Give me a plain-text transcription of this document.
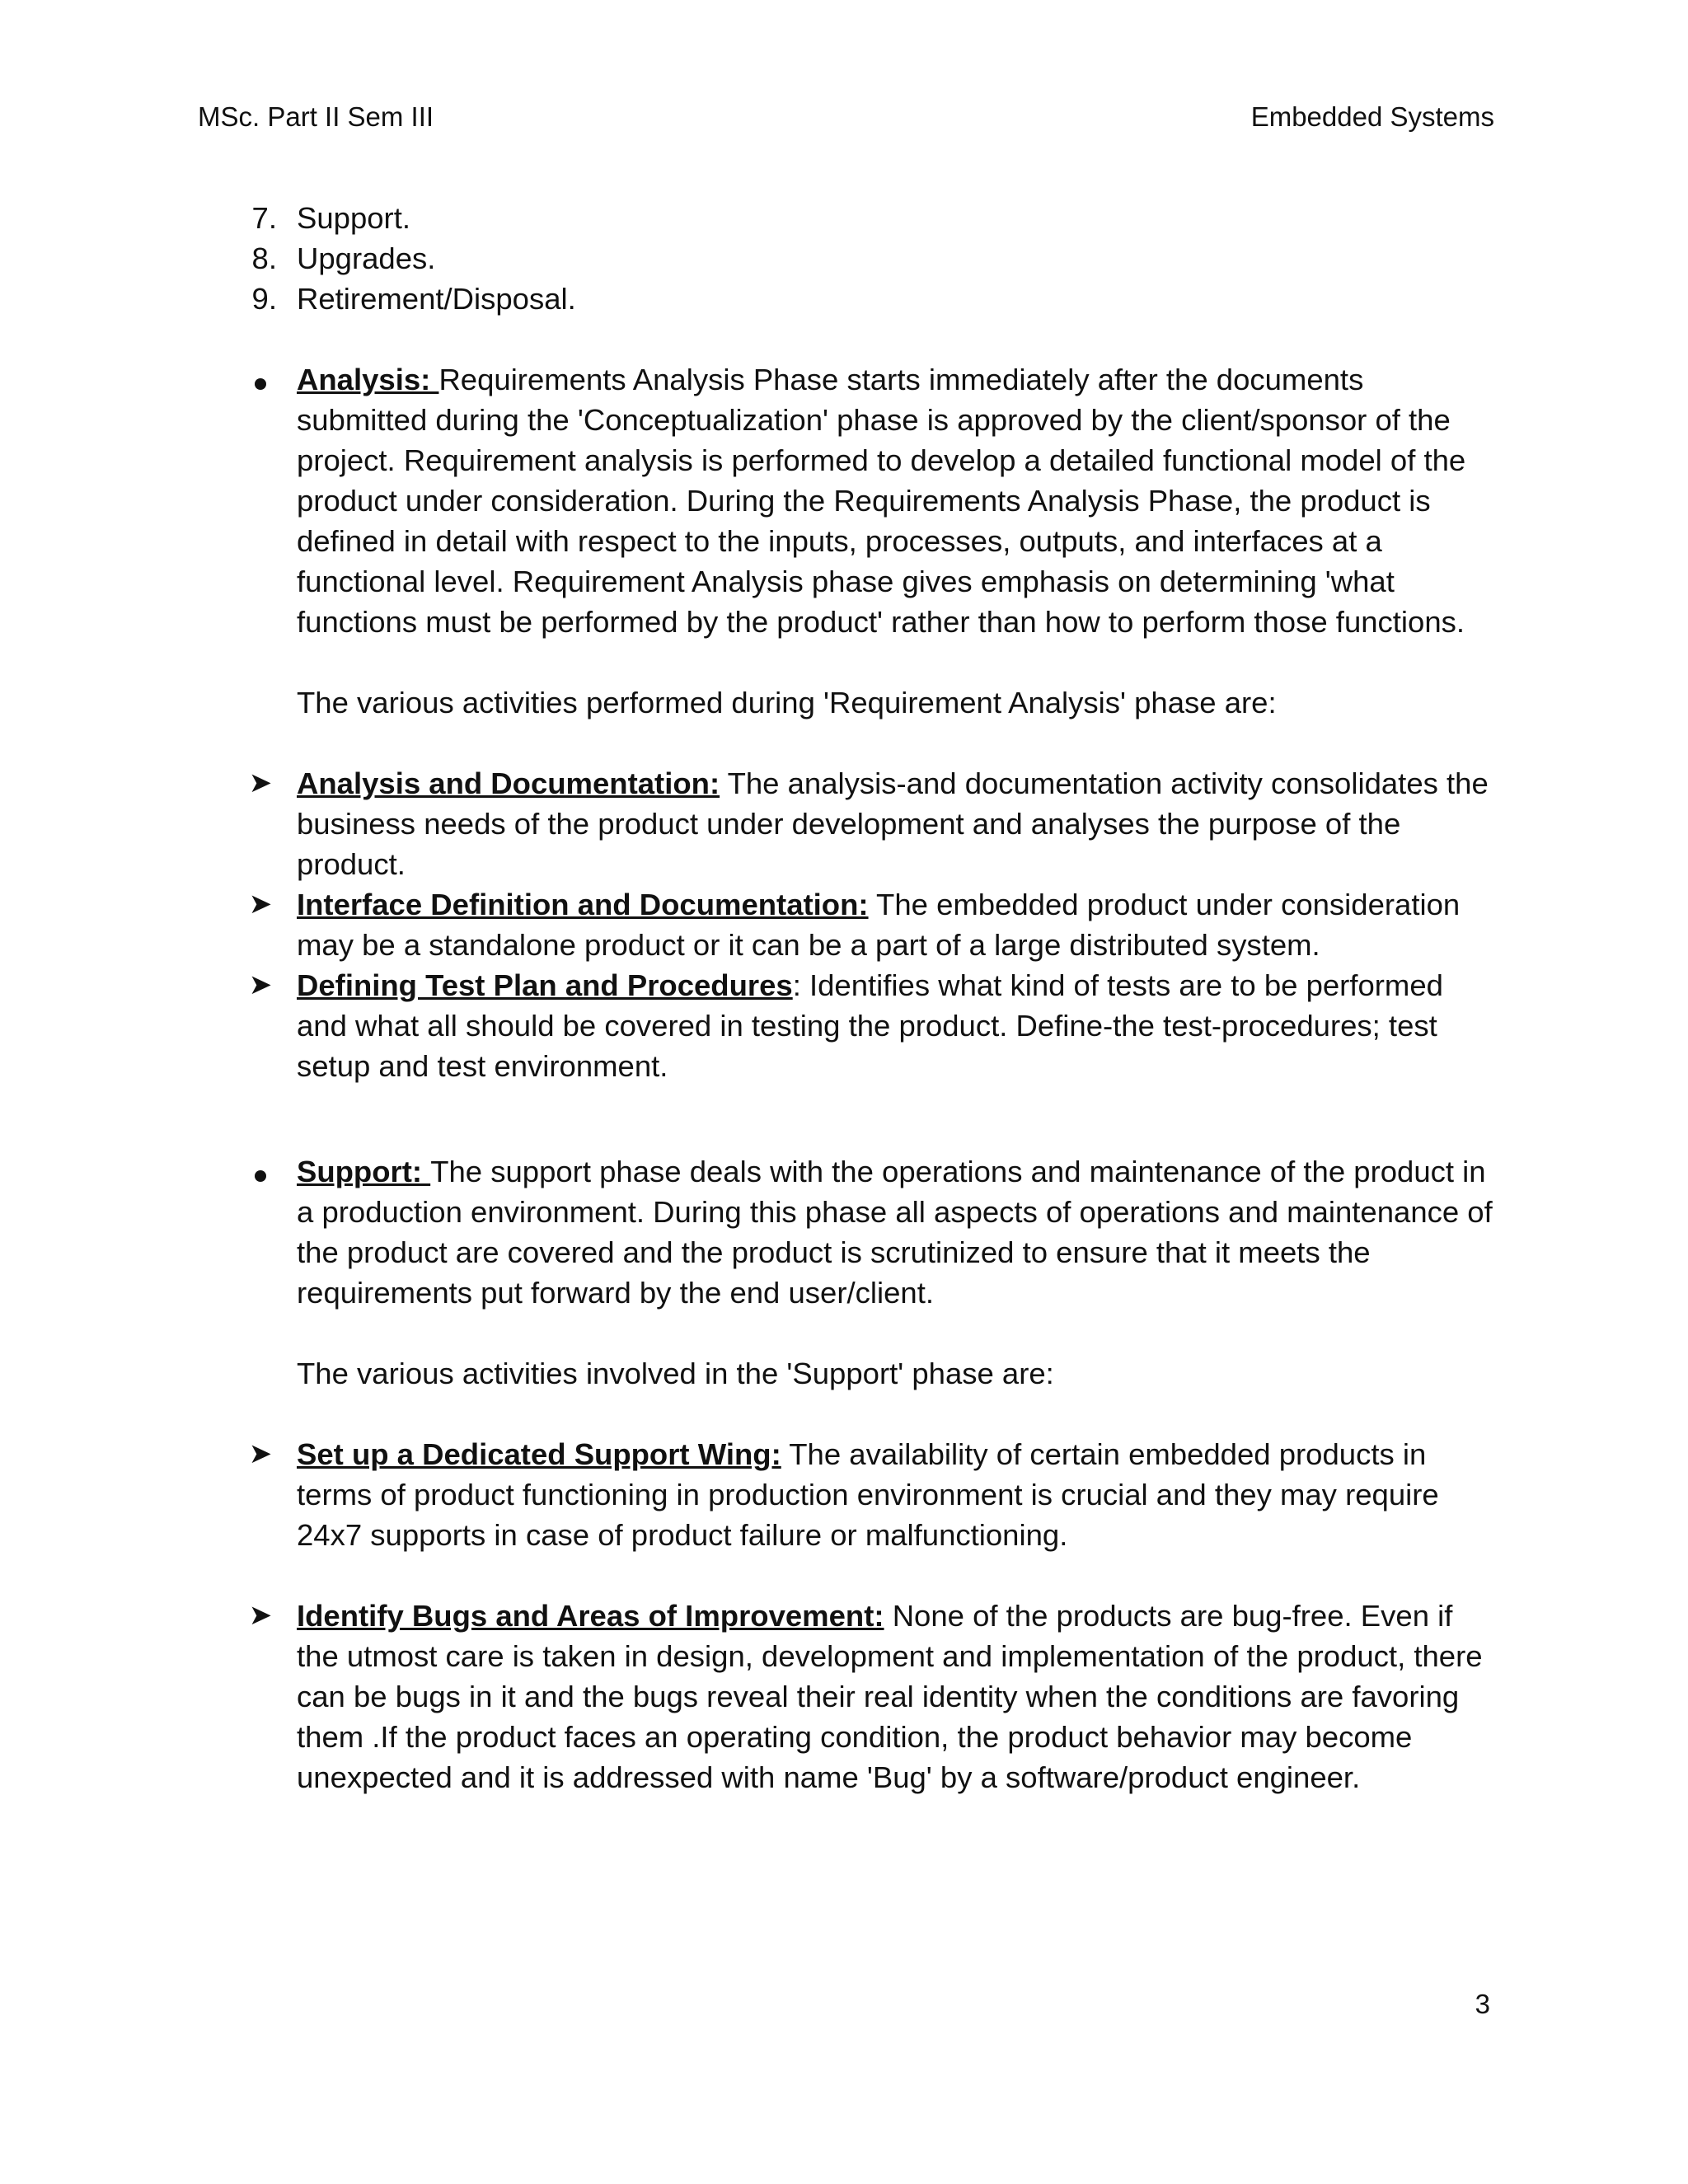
MSc. Part II Sem III	Embedded Systems
7. Support.
8. Upgrades.
9. Retirement/Disposal.
Analysis: Requirements Analysis Phase starts immediately after the documents submitted during the 'Conceptualization' phase is approved by the client/sponsor of the project. Requirement analysis is performed to develop a detailed functional model of the product under consideration. During the Requirements Analysis Phase, the product is defined in detail with respect to the inputs, processes, outputs, and interfaces at a functional level. Requirement Analysis phase gives emphasis on determining 'what functions must be performed by the product' rather than how to perform those functions.
The various activities performed during 'Requirement Analysis' phase are:
➤ Analysis and Documentation: The analysis-and documentation activity consolidates the business needs of the product under development and analyses the purpose of the product.
➤ Interface Definition and Documentation: The embedded product under consideration may be a standalone product or it can be a part of a large distributed system.
➤ Defining Test Plan and Procedures: Identifies what kind of tests are to be performed and what all should be covered in testing the product. Define-the test-procedures; test setup and test environment.
Support: The support phase deals with the operations and maintenance of the product in a production environment. During this phase all aspects of operations and maintenance of the product are covered and the product is scrutinized to ensure that it meets the requirements put forward by the end user/client.
The various activities involved in the 'Support' phase are:
➤ Set up a Dedicated Support Wing: The availability of certain embedded products in terms of product functioning in production environment is crucial and they may require 24x7 supports in case of product failure or malfunctioning.
➤ Identify Bugs and Areas of Improvement: None of the products are bug-free. Even if the utmost care is taken in design, development and implementation of the product, there can be bugs in it and the bugs reveal their real identity when the conditions are favoring them .If the product faces an operating condition, the product behavior may become unexpected and it is addressed with name 'Bug' by a software/product engineer.
3
